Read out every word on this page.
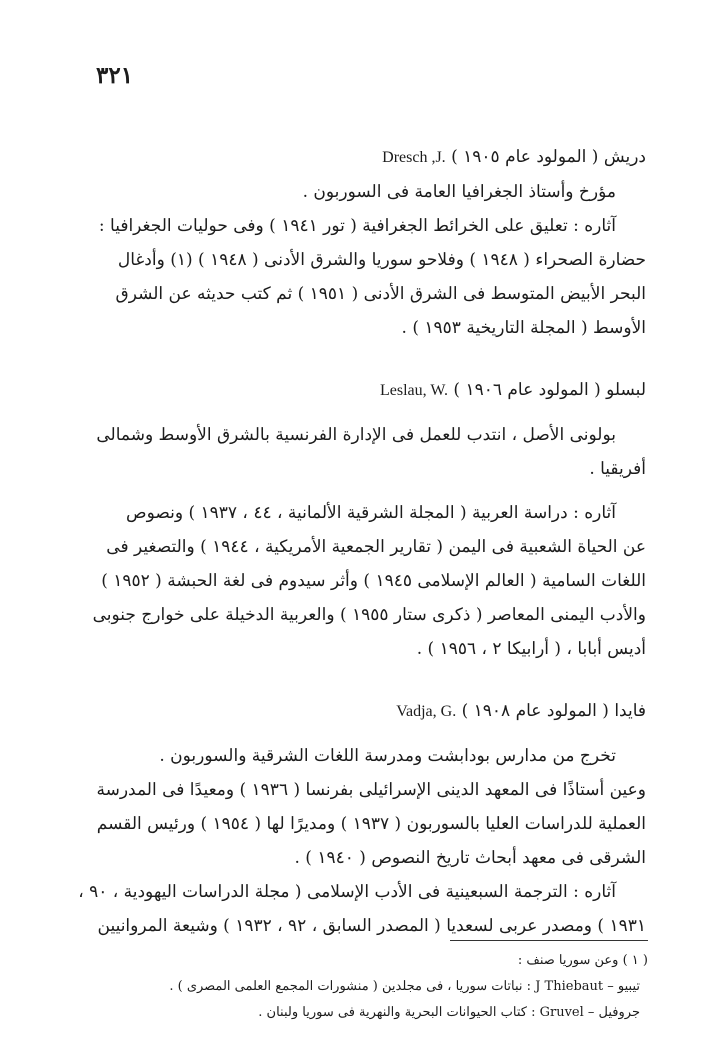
٣٢١

دريش ( المولود عام ١٩٠٥ ) Dresch ,J.

مؤرخ وأستاذ الجغرافيا العامة فى السوربون .

آثاره : تعليق على الخرائط الجغرافية ( تور ١٩٤١ ) وفى حوليات الجغرافيا :

حضارة الصحراء ( ١٩٤٨ ) وفلاحو سوريا والشرق الأدنى ( ١٩٤٨ ) (١) وأدغال

البحر الأبيض المتوسط فى الشرق الأدنى ( ١٩٥١ ) ثم كتب حديثه عن الشرق

الأوسط ( المجلة التاريخية ١٩٥٣ ) .

لبسلو ( المولود عام ١٩٠٦ ) Leslau, W.

بولونى الأصل ، انتدب للعمل فى الإدارة الفرنسية بالشرق الأوسط وشمالى

أفريقيا .

آثاره : دراسة العربية ( المجلة الشرقية الألمانية ، ٤٤ ، ١٩٣٧ ) ونصوص

عن الحياة الشعبية فى اليمن ( تقارير الجمعية الأمريكية ، ١٩٤٤ ) والتصغير فى

اللغات السامية ( العالم الإسلامى ١٩٤٥ ) وأثر سيدوم فى لغة الحبشة ( ١٩٥٢ )

والأدب اليمنى المعاصر ( ذكرى ستار ١٩٥٥ ) والعربية الدخيلة على خوارج جنوبى

أديس أبابا ، ( أرابيكا ٢ ، ١٩٥٦ ) .

فايدا ( المولود عام ١٩٠٨ ) Vadja, G.

تخرج من مدارس بودابشت ومدرسة اللغات الشرقية والسوربون .

وعين أستاذًا فى المعهد الدينى الإسرائيلى بفرنسا ( ١٩٣٦ ) ومعيدًا فى المدرسة

العملية للدراسات العليا بالسوربون ( ١٩٣٧ ) ومديرًا لها ( ١٩٥٤ ) ورئيس القسم

الشرقى فى معهد أبحاث تاريخ النصوص ( ١٩٤٠ ) .

آثاره : الترجمة السبعينية فى الأدب الإسلامى ( مجلة الدراسات اليهودية ، ٩٠ ،

١٩٣١ ) ومصدر عربى لسعديا ( المصدر السابق ، ٩٢ ، ١٩٣٢ ) وشيعة المروانيين

( ١ ) وعن سوريا صنف :

تيبيو – J Thiebaut : نباتات سوريا ، فى مجلدين ( منشورات المجمع العلمى المصرى ) .

جروفيل – Gruvel : كتاب الحيوانات البحرية والنهرية فى سوريا ولبنان .
